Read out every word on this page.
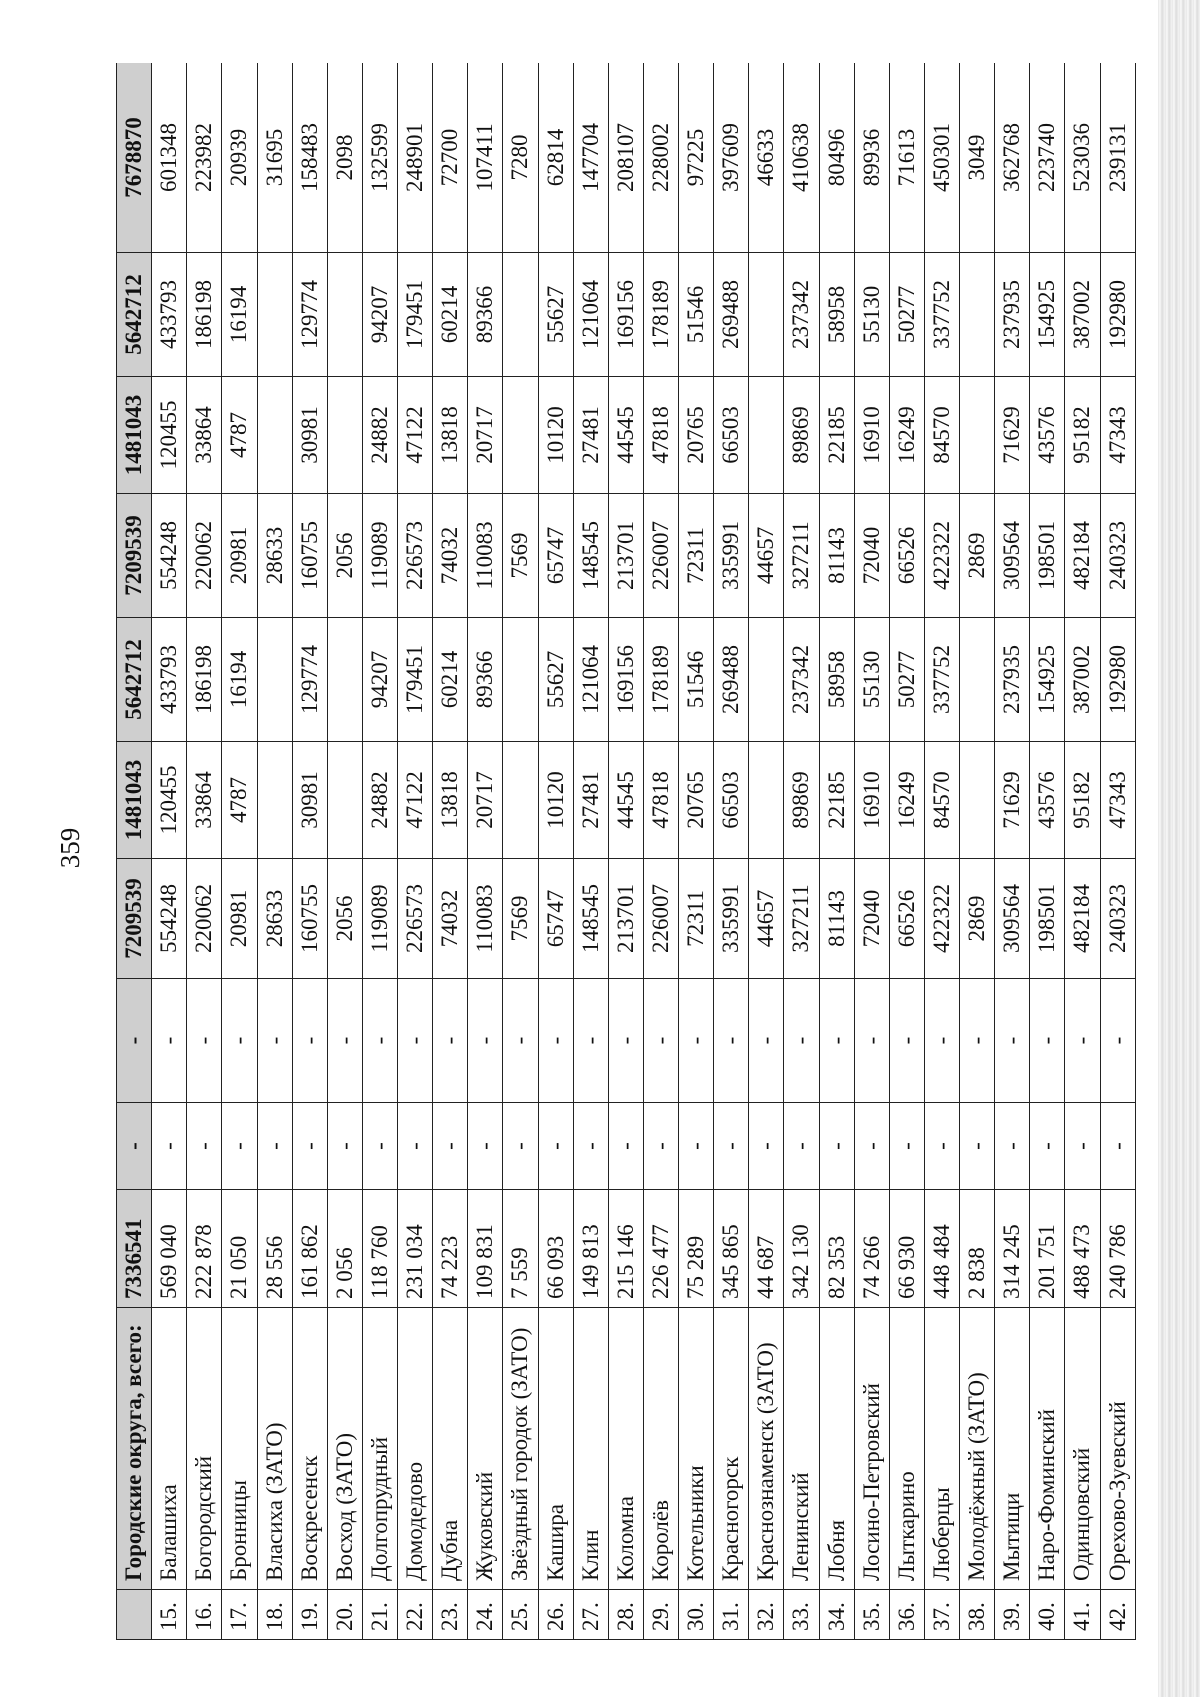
359
	Городские округа, всего:	7336541	-	-	7209539	1481043	5642712	7209539	1481043	5642712	7678870
15.	Балашиха	569 040	-	-	554248	120455	433793	554248	120455	433793	601348
16.	Богородский	222 878	-	-	220062	33864	186198	220062	33864	186198	223982
17.	Бронницы	21 050	-	-	20981	4787	16194	20981	4787	16194	20939
18.	Власиха (ЗАТО)	28 556	-	-	28633			28633			31695
19.	Воскресенск	161 862	-	-	160755	30981	129774	160755	30981	129774	158483
20.	Восход (ЗАТО)	2 056	-	-	2056			2056			2098
21.	Долгопрудный	118 760	-	-	119089	24882	94207	119089	24882	94207	132599
22.	Домодедово	231 034	-	-	226573	47122	179451	226573	47122	179451	248901
23.	Дубна	74 223	-	-	74032	13818	60214	74032	13818	60214	72700
24.	Жуковский	109 831	-	-	110083	20717	89366	110083	20717	89366	107411
25.	Звёздный городок (ЗАТО)	7 559	-	-	7569			7569			7280
26.	Кашира	66 093	-	-	65747	10120	55627	65747	10120	55627	62814
27.	Клин	149 813	-	-	148545	27481	121064	148545	27481	121064	147704
28.	Коломна	215 146	-	-	213701	44545	169156	213701	44545	169156	208107
29.	Королёв	226 477	-	-	226007	47818	178189	226007	47818	178189	228002
30.	Котельники	75 289	-	-	72311	20765	51546	72311	20765	51546	97225
31.	Красногорск	345 865	-	-	335991	66503	269488	335991	66503	269488	397609
32.	Краснознаменск (ЗАТО)	44 687	-	-	44657			44657			46633
33.	Ленинский	342 130	-	-	327211	89869	237342	327211	89869	237342	410638
34.	Лобня	82 353	-	-	81143	22185	58958	81143	22185	58958	80496
35.	Лосино-Петровский	74 266	-	-	72040	16910	55130	72040	16910	55130	89936
36.	Лыткарино	66 930	-	-	66526	16249	50277	66526	16249	50277	71613
37.	Люберцы	448 484	-	-	422322	84570	337752	422322	84570	337752	450301
38.	Молодёжный (ЗАТО)	2 838	-	-	2869			2869			3049
39.	Мытищи	314 245	-	-	309564	71629	237935	309564	71629	237935	362768
40.	Наро-Фоминский	201 751	-	-	198501	43576	154925	198501	43576	154925	223740
41.	Одинцовский	488 473	-	-	482184	95182	387002	482184	95182	387002	523036
42.	Орехово-Зуевский	240 786	-	-	240323	47343	192980	240323	47343	192980	239131
